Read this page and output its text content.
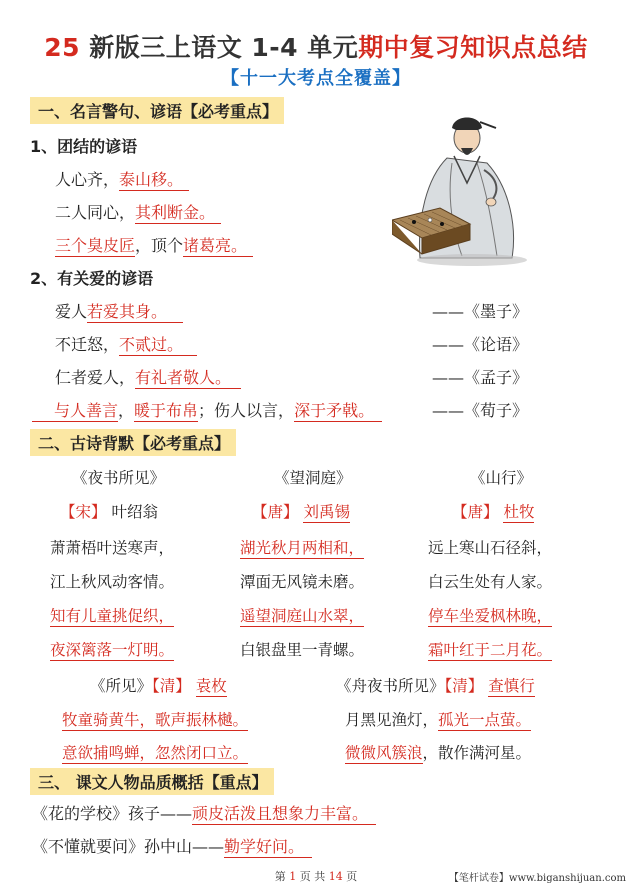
25 新版三上语文 1-4 单元期中复习知识点总结
【十一大考点全覆盖】
一、名言警句、谚语【必考重点】
1、团结的谚语
人心齐，泰山移。
二人同心，其利断金。
三个臭皮匠，顶个诸葛亮。
2、有关爱的谚语
爱人若爱其身。	——《墨子》
不迁怒，不贰过。	——《论语》
仁者爱人，有礼者敬人。	——《孟子》
与人善言，暖于布帛；伤人以言，深于矛戟。	——《荀子》
二、古诗背默【必考重点】
《夜书所见》
【宋】 叶绍翁
萧萧梧叶送寒声，
江上秋风动客情。
知有儿童挑促织，
夜深篱落一灯明。
《望洞庭》
【唐】 刘禹锡
湖光秋月两相和，
潭面无风镜未磨。
遥望洞庭山水翠，
白银盘里一青螺。
《山行》
【唐】 杜牧
远上寒山石径斜，
白云生处有人家。
停车坐爱枫林晚，
霜叶红于二月花。
《所见》【清】 袁枚	《舟夜书所见》【清】 查慎行
牧童骑黄牛，歌声振林樾。	月黑见渔灯，孤光一点萤。
意欲捕鸣蝉，忽然闭口立。	微微风簇浪，散作满河星。
三、 课文人物品质概括【重点】
《花的学校》孩子——顽皮活泼且想象力丰富。
《不懂就要问》孙中山——勤学好问。
第 1 页 共 14 页	【笔杆试卷】www.biganshijuan.com
